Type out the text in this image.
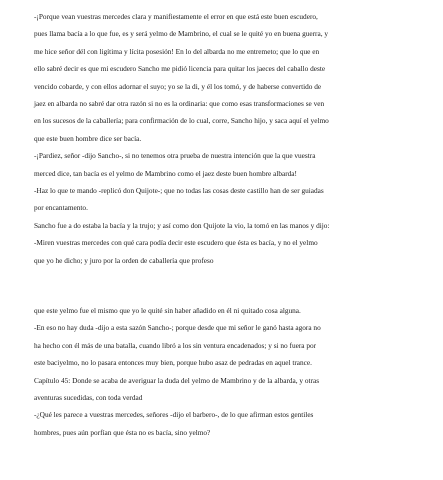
-¡Porque vean vuestras mercedes clara y manifiestamente el error en que está este buen escudero,
pues llama bacía a lo que fue, es y será yelmo de Mambrino, el cual se le quité yo en buena guerra, y
me hice señor dél con ligítima y lícita posesión! En lo del albarda no me entremeto; que lo que en
ello sabré decir es que mi escudero Sancho me pidió licencia para quitar los jaeces del caballo deste
vencido cobarde, y con ellos adornar el suyo; yo se la di, y él los tomó, y de haberse convertido de
jaez en albarda no sabré dar otra razón si no es la ordinaria: que como esas transformaciones se ven
en los sucesos de la caballería; para confirmación de lo cual, corre, Sancho hijo, y saca aquí el yelmo
que este buen hombre dice ser bacía.
-¡Pardiez, señor -dijo Sancho-, si no tenemos otra prueba de nuestra intención que la que vuestra
merced dice, tan bacía es el yelmo de Mambrino como el jaez deste buen hombre albarda!
-Haz lo que te mando -replicó don Quijote-; que no todas las cosas deste castillo han de ser guiadas
por encantamento.
Sancho fue a do estaba la bacía y la trujo; y así como don Quijote la vio, la tomó en las manos y dijo:
-Miren vuestras mercedes con qué cara podía decir este escudero que ésta es bacía, y no el yelmo
que yo he dicho; y juro por la orden de caballería que profeso
que este yelmo fue el mismo que yo le quité sin haber añadido en él ni quitado cosa alguna.
-En eso no hay duda -dijo a esta sazón Sancho-; porque desde que mi señor le ganó hasta agora no
ha hecho con él más de una batalla, cuando libró a los sin ventura encadenados; y si no fuera por
este baciyelmo, no lo pasara entonces muy bien, porque hubo asaz de pedradas en aquel trance.
Capítulo 45: Donde se acaba de averiguar la duda del yelmo de Mambrino y de la albarda, y otras
aventuras sucedidas, con toda verdad
-¿Qué les parece a vuestras mercedes, señores -dijo el barbero-, de lo que afirman estos gentiles
hombres, pues aún porfían que ésta no es bacía, sino yelmo?
